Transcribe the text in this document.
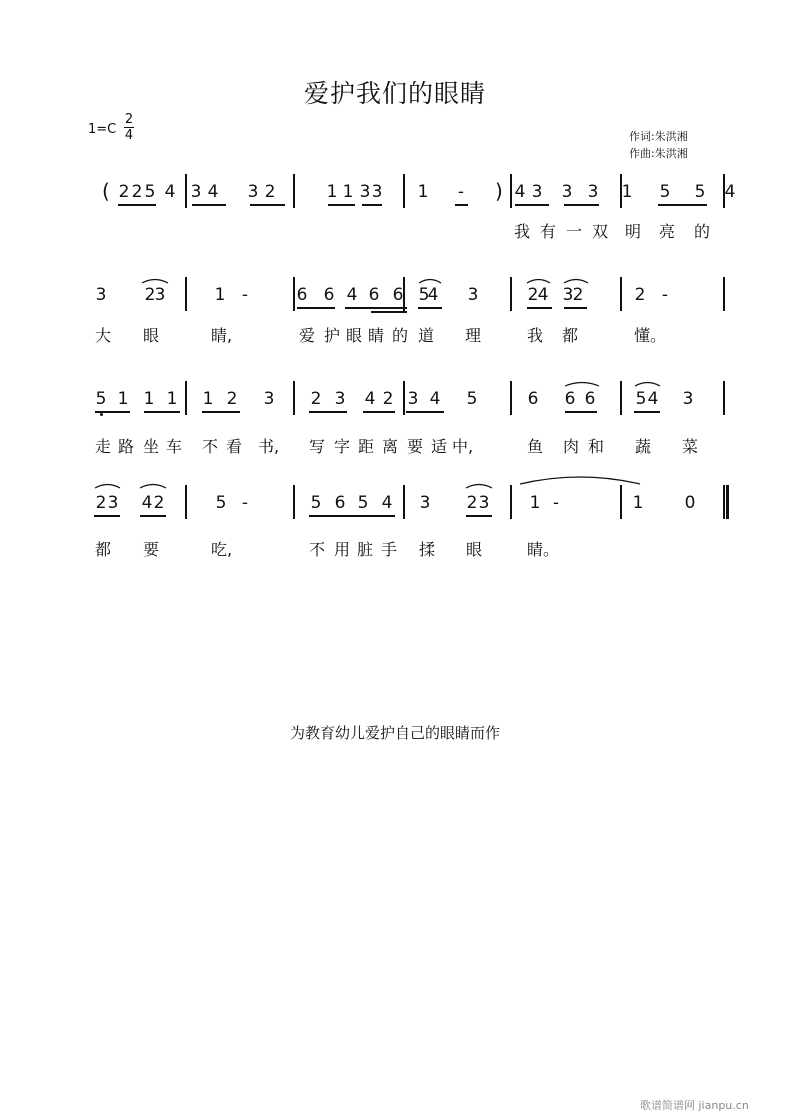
爱护我们的眼睛
$1=C \frac{2}{4}$	作词:朱洪湘
作曲:朱洪湘
2 2 5 4 3 4 3 2	1 1 3 3 1 -	4 3 3 3 1 5 5 4
我 有 一 双 明 亮 的
(	)
3 2 3	1 -	6 6 4 6 6 5
4 3	2 4 3 2	2 -
大 眼	睛,	爱 护 眼 睛 的 道 理	我 都	懂。
5 1 1 1 1 2 3 2 3 4 2 3 4 5	6 6 6 5 4 3
走 路 坐 车 不 看 书, 写 字 距 离 要 适 中,	鱼 肉 和 蔬 菜
2 3 4 2	5 -	5 6 5 4 3 2 3 1 -	1 0
都 要	吃,	不 用 脏 手 揉 眼	睛。
为教育幼儿爱护自己的眼睛而作
歌谱简谱网 jianpu.cn
